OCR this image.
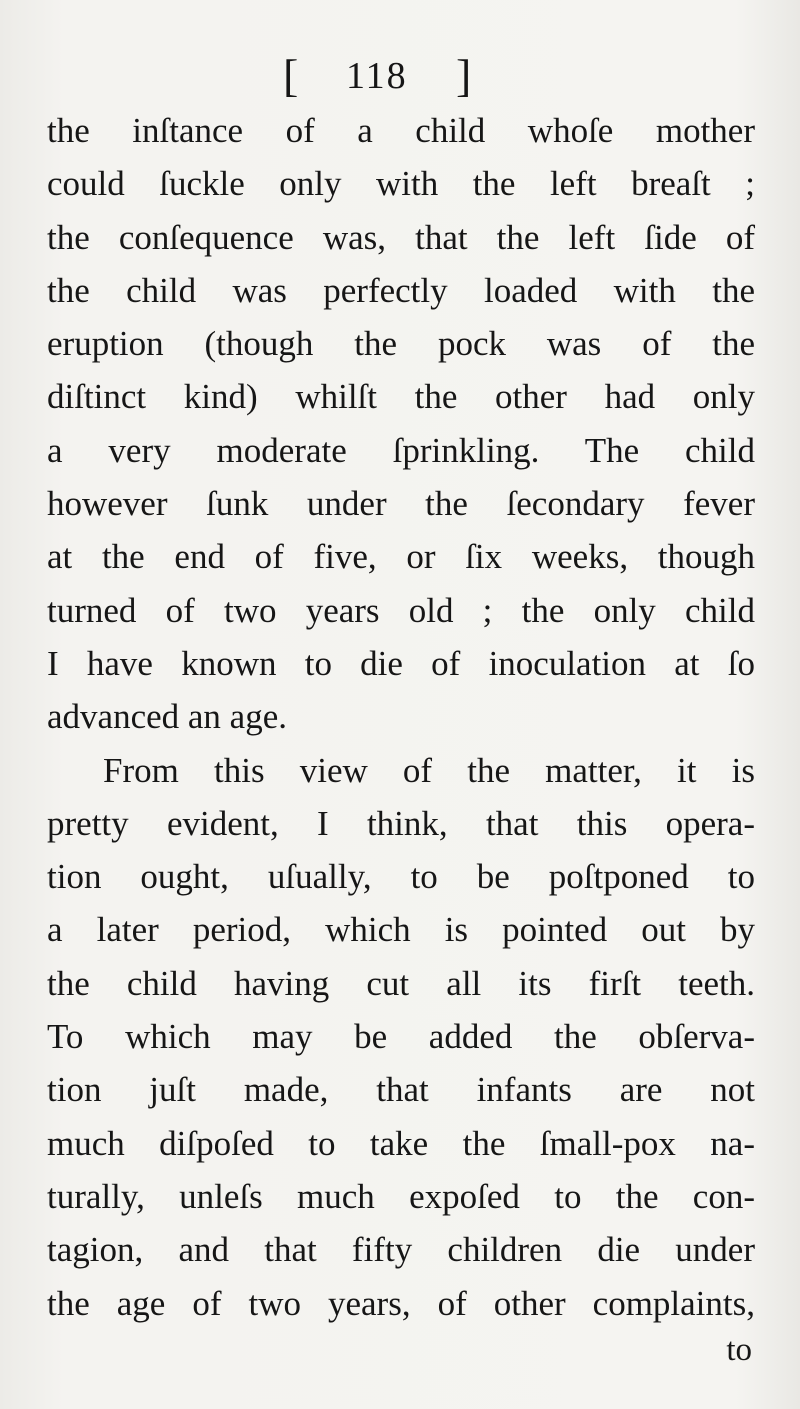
[ 118 ]
the inſtance of a child whoſe mother
could ſuckle only with the left breaſt ;
the conſequence was, that the left ſide of
the child was perfectly loaded with the
eruption (though the pock was of the
diſtinct kind) whilſt the other had only
a very moderate ſprinkling. The child
however ſunk under the ſecondary fever
at the end of five, or ſix weeks, though
turned of two years old ; the only child
I have known to die of inoculation at ſo
advanced an age.
From this view of the matter, it is
pretty evident, I think, that this opera-
tion ought, uſually, to be poſtponed to
a later period, which is pointed out by
the child having cut all its firſt teeth.
To which may be added the obſerva-
tion juſt made, that infants are not
much diſpoſed to take the ſmall-pox na-
turally, unleſs much expoſed to the con-
tagion, and that fifty children die under
the age of two years, of other complaints,
to
